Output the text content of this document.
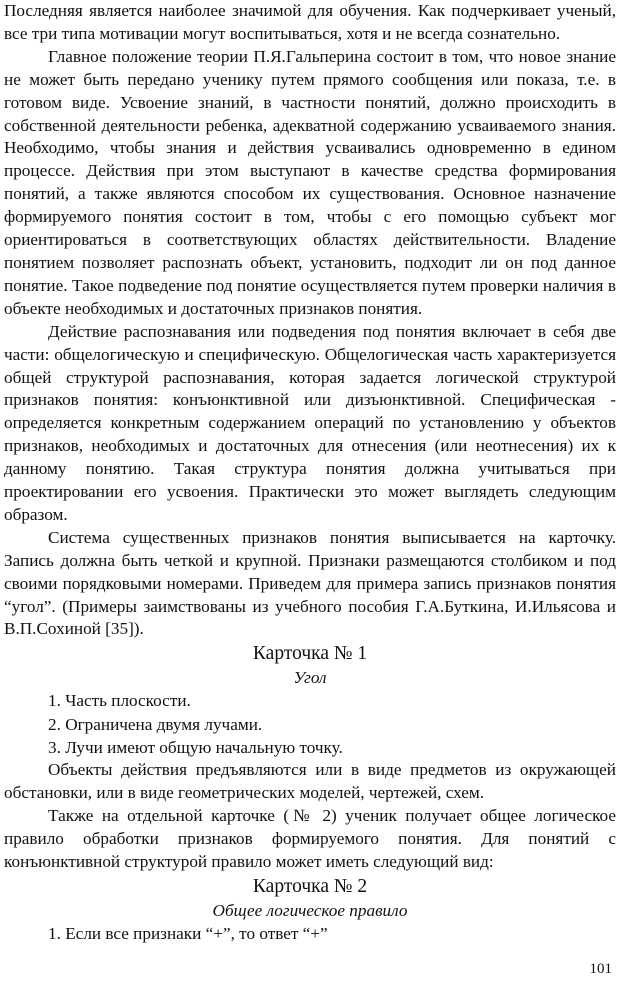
Последняя является наиболее значимой для обучения. Как подчеркивает ученый, все три типа мотивации могут воспитываться, хотя и не всегда сознательно.

Главное положение теории П.Я.Гальперина состоит в том, что новое знание не может быть передано ученику путем прямого сообщения или показа, т.е. в готовом виде. Усвоение знаний, в частности понятий, должно происходить в собственной деятельности ребенка, адекватной содержанию усваиваемого знания. Необходимо, чтобы знания и действия усваивались одновременно в едином процессе. Действия при этом выступают в качестве средства формирования понятий, а также являются способом их существования. Основное назначение формируемого понятия состоит в том, чтобы с его помощью субъект мог ориентироваться в соответствующих областях действительности. Владение понятием позволяет распознать объект, установить, подходит ли он под данное понятие. Такое подведение под понятие осуществляется путем проверки наличия в объекте необходимых и достаточных признаков понятия.

Действие распознавания или подведения под понятия включает в себя две части: общелогическую и специфическую. Общелогическая часть характеризуется общей структурой распознавания, которая задается логической структурой признаков понятия: конъюнктивной или дизъюнктивной. Специфическая - определяется конкретным содержанием операций по установлению у объектов признаков, необходимых и достаточных для отнесения (или неотнесения) их к данному понятию. Такая структура понятия должна учитываться при проектировании его усвоения. Практически это может выглядеть следующим образом.

Система существенных признаков понятия выписывается на карточку. Запись должна быть четкой и крупной. Признаки размещаются столбиком и под своими порядковыми номерами. Приведем для примера запись признаков понятия “угол”. (Примеры заимствованы из учебного пособия Г.А.Буткина, И.Ильясова и В.П.Сохиной [35]).

Карточка № 1

Угол

1. Часть плоскости.

2. Ограничена двумя лучами.

3. Лучи имеют общую начальную точку.

Объекты действия предъявляются или в виде предметов из окружающей обстановки, или в виде геометрических моделей, чертежей, схем.

Также на отдельной карточке (№ 2) ученик получает общее логическое правило обработки признаков формируемого понятия. Для понятий с конъюнктивной структурой правило может иметь следующий вид:

Карточка № 2

Общее логическое правило

1. Если все признаки “+”, то ответ “+”

101
